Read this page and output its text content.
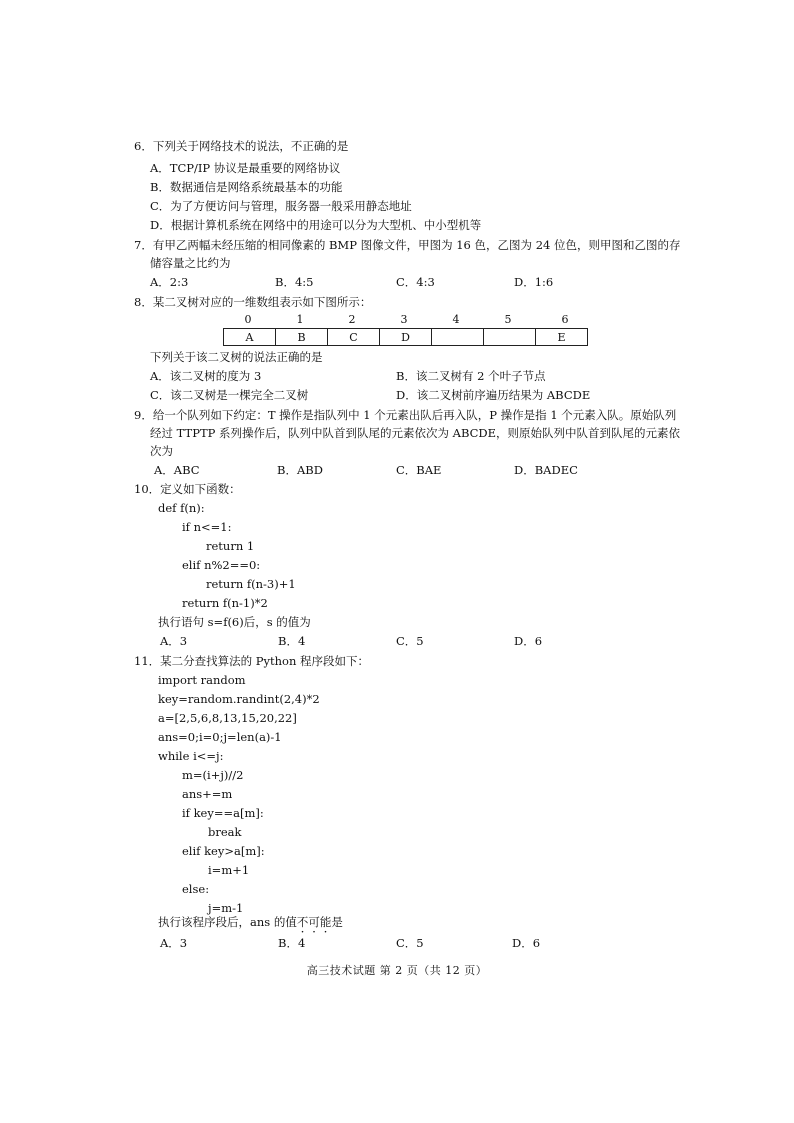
6．下列关于网络技术的说法，不正确的是
A．TCP/IP 协议是最重要的网络协议
B．数据通信是网络系统最基本的功能
C．为了方便访问与管理，服务器一般采用静态地址
D．根据计算机系统在网络中的用途可以分为大型机、中小型机等
7．有甲乙两幅未经压缩的相同像素的 BMP 图像文件，甲图为 16 色，乙图为 24 位色，则甲图和乙图的存
储容量之比约为
A．2:3	B．4:5	C．4:3	D．1:6
8．某二叉树对应的一维数组表示如下图所示：
0	1	2	3	4	5	6
A	B	C	D			E
下列关于该二叉树的说法正确的是
A．该二叉树的度为 3	B．该二叉树有 2 个叶子节点
C．该二叉树是一棵完全二叉树	D．该二叉树前序遍历结果为 ABCDE
9．给一个队列如下约定：T 操作是指队列中 1 个元素出队后再入队，P 操作是指 1 个元素入队。原始队列
经过 TTPTP 系列操作后，队列中队首到队尾的元素依次为 ABCDE，则原始队列中队首到队尾的元素依
次为
A．ABC	B．ABD	C．BAE	D．BADEC
10．定义如下函数：
def f(n):
if n<=1:
return 1
elif n%2==0:
return f(n-3)+1
return f(n-1)*2
执行语句 s=f(6)后，s 的值为
A．3	B．4	C．5	D．6
11．某二分查找算法的 Python 程序段如下：
import random
key=random.randint(2,4)*2
a=[2,5,6,8,13,15,20,22]
ans=0;i=0;j=len(a)-1
while i<=j:
m=(i+j)//2
ans+=m
if key==a[m]:
break
elif key>a[m]:
i=m+1
else:
j=m-1
执行该程序段后，ans 的值不可能是
A．3	B．4	C．5	D．6
高三技术试题 第 2 页（共 12 页）
